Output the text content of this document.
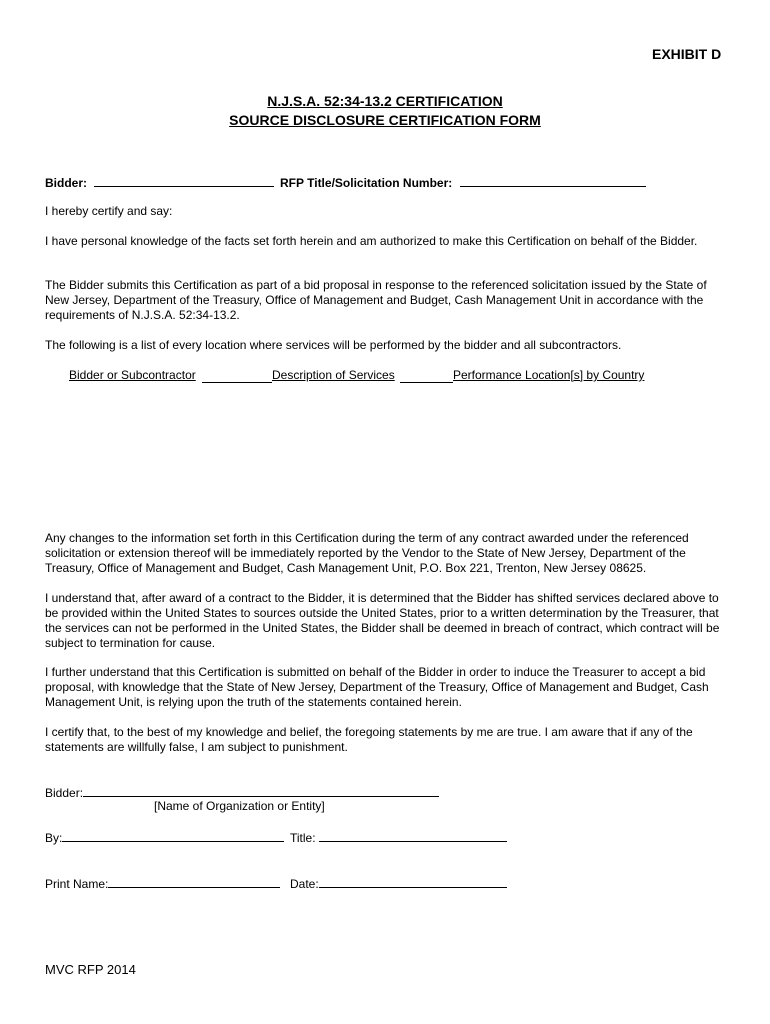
EXHIBIT D
N.J.S.A. 52:34-13.2 CERTIFICATION
SOURCE DISCLOSURE CERTIFICATION FORM
Bidder:	RFP Title/Solicitation Number:
I hereby certify and say:
I have personal knowledge of the facts set forth herein and am authorized to make this Certification on behalf of the Bidder.
The Bidder submits this Certification as part of a bid proposal in response to the referenced solicitation issued by the State of New Jersey, Department of the Treasury, Office of Management and Budget, Cash Management Unit in accordance with the requirements of N.J.S.A. 52:34-13.2.
The following is a list of every location where services will be performed by the bidder and all subcontractors.
Bidder or Subcontractor	Description of Services	Performance Location[s] by Country
Any changes to the information set forth in this Certification during the term of any contract awarded under the referenced solicitation or extension thereof will be immediately reported by the Vendor to the State of New Jersey, Department of the Treasury, Office of Management and Budget, Cash Management Unit, P.O. Box 221, Trenton, New Jersey 08625.
I understand that, after award of a contract to the Bidder, it is determined that the Bidder has shifted services declared above to be provided within the United States to sources outside the United States, prior to a written determination by the Treasurer, that the services can not be performed in the United States, the Bidder shall be deemed in breach of contract, which contract will be subject to termination for cause.
I further understand that this Certification is submitted on behalf of the Bidder in order to induce the Treasurer to accept a bid proposal, with knowledge that the State of New Jersey, Department of the Treasury, Office of Management and Budget, Cash Management Unit, is relying upon the truth of the statements contained herein.
I certify that, to the best of my knowledge and belief, the foregoing statements by me are true. I am aware that if any of the statements are willfully false, I am subject to punishment.
Bidder:
[Name of Organization or Entity]
By:	Title:
Print Name:	Date:
MVC RFP 2014
